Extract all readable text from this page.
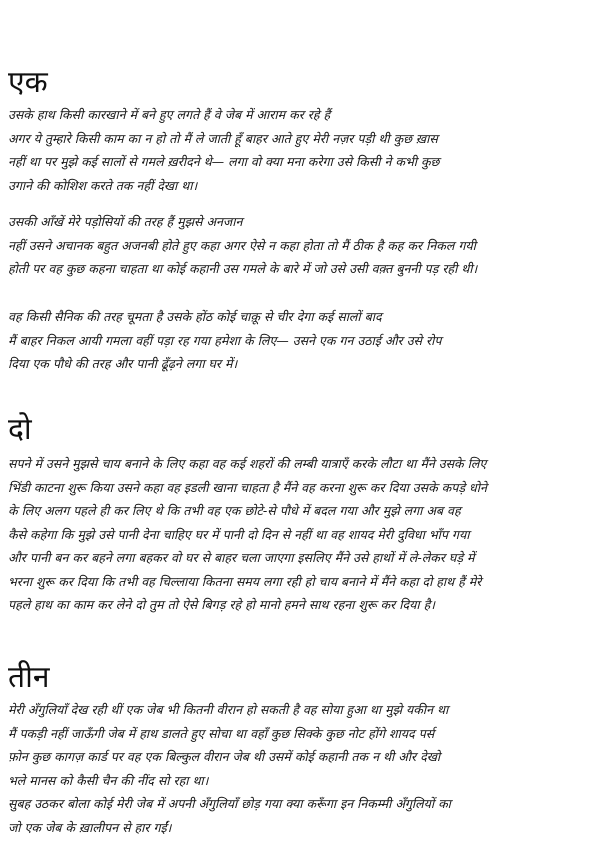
एक

उसके हाथ किसी कारखाने में बने हुए लगते हैं वे जेब में आराम कर रहे हैं
अगर ये तुम्हारे किसी काम का न हो तो मैं ले जाती हूँ बाहर आते हुए मेरी नज़र पड़ी थी कुछ ख़ास
नहीं था पर मुझे कई सालों से गमले ख़रीदने थे— लगा वो क्या मना करेगा उसे किसी ने कभी कुछ
उगाने की कोशिश करते तक नहीं देखा था।

उसकी आँखें मेरे पड़ोसियों की तरह हैं मुझसे अनजान
नहीं उसने अचानक बहुत अजनबी होते हुए कहा अगर ऐसे न कहा होता तो मैं ठीक है कह कर निकल गयी
होती पर वह कुछ कहना चाहता था कोई कहानी उस गमले के बारे में जो उसे उसी वक़्त बुननी पड़ रही थी।

वह किसी सैनिक की तरह चूमता है उसके होंठ कोई चाक़ू से चीर देगा कई सालों बाद
मैं बाहर निकल आयी गमला वहीं पड़ा रह गया हमेशा के लिए— उसने एक गन उठाई और उसे रोप
दिया एक पौधे की तरह और पानी ढूँढ़ने लगा घर में।

दो

सपने में उसने मुझसे चाय बनाने के लिए कहा वह कई शहरों की लम्बी यात्राएँ करके लौटा था मैंने उसके लिए
भिंडी काटना शुरू किया उसने कहा वह इडली खाना चाहता है मैंने वह करना शुरू कर दिया उसके कपड़े धोने
के लिए अलग पहले ही कर लिए थे कि तभी वह एक छोटे-से पौधे में बदल गया और मुझे लगा अब वह
कैसे कहेगा कि मुझे उसे पानी देना चाहिए घर में पानी दो दिन से नहीं था वह शायद मेरी दुविधा भाँप गया
और पानी बन कर बहने लगा बहकर वो घर से बाहर चला जाएगा इसलिए मैंने उसे हाथों में ले-लेकर घड़े में
भरना शुरू कर दिया कि तभी वह चिल्लाया कितना समय लगा रही हो चाय बनाने में मैंने कहा दो हाथ हैं मेरे
पहले हाथ का काम कर लेने दो तुम तो ऐसे बिगड़ रहे हो मानो हमने साथ रहना शुरू कर दिया है।

तीन

मेरी अँगुलियाँ देख रही थीं एक जेब भी कितनी वीरान हो सकती है वह सोया हुआ था मुझे यकीन था
मैं पकड़ी नहीं जाऊँगी जेब में हाथ डालते हुए सोचा था वहाँ कुछ सिक्के कुछ नोट होंगे शायद पर्स
फ़ोन कुछ कागज़ कार्ड पर वह एक बिल्कुल वीरान जेब थी उसमें कोई कहानी तक न थी और देखो
भले मानस को कैसी चैन की नींद सो रहा था।
सुबह उठकर बोला कोई मेरी जेब में अपनी अँगुलियाँ छोड़ गया क्या करूँगा इन निकम्मी अँगुलियों का
जो एक जेब के ख़ालीपन से हार गईं।
